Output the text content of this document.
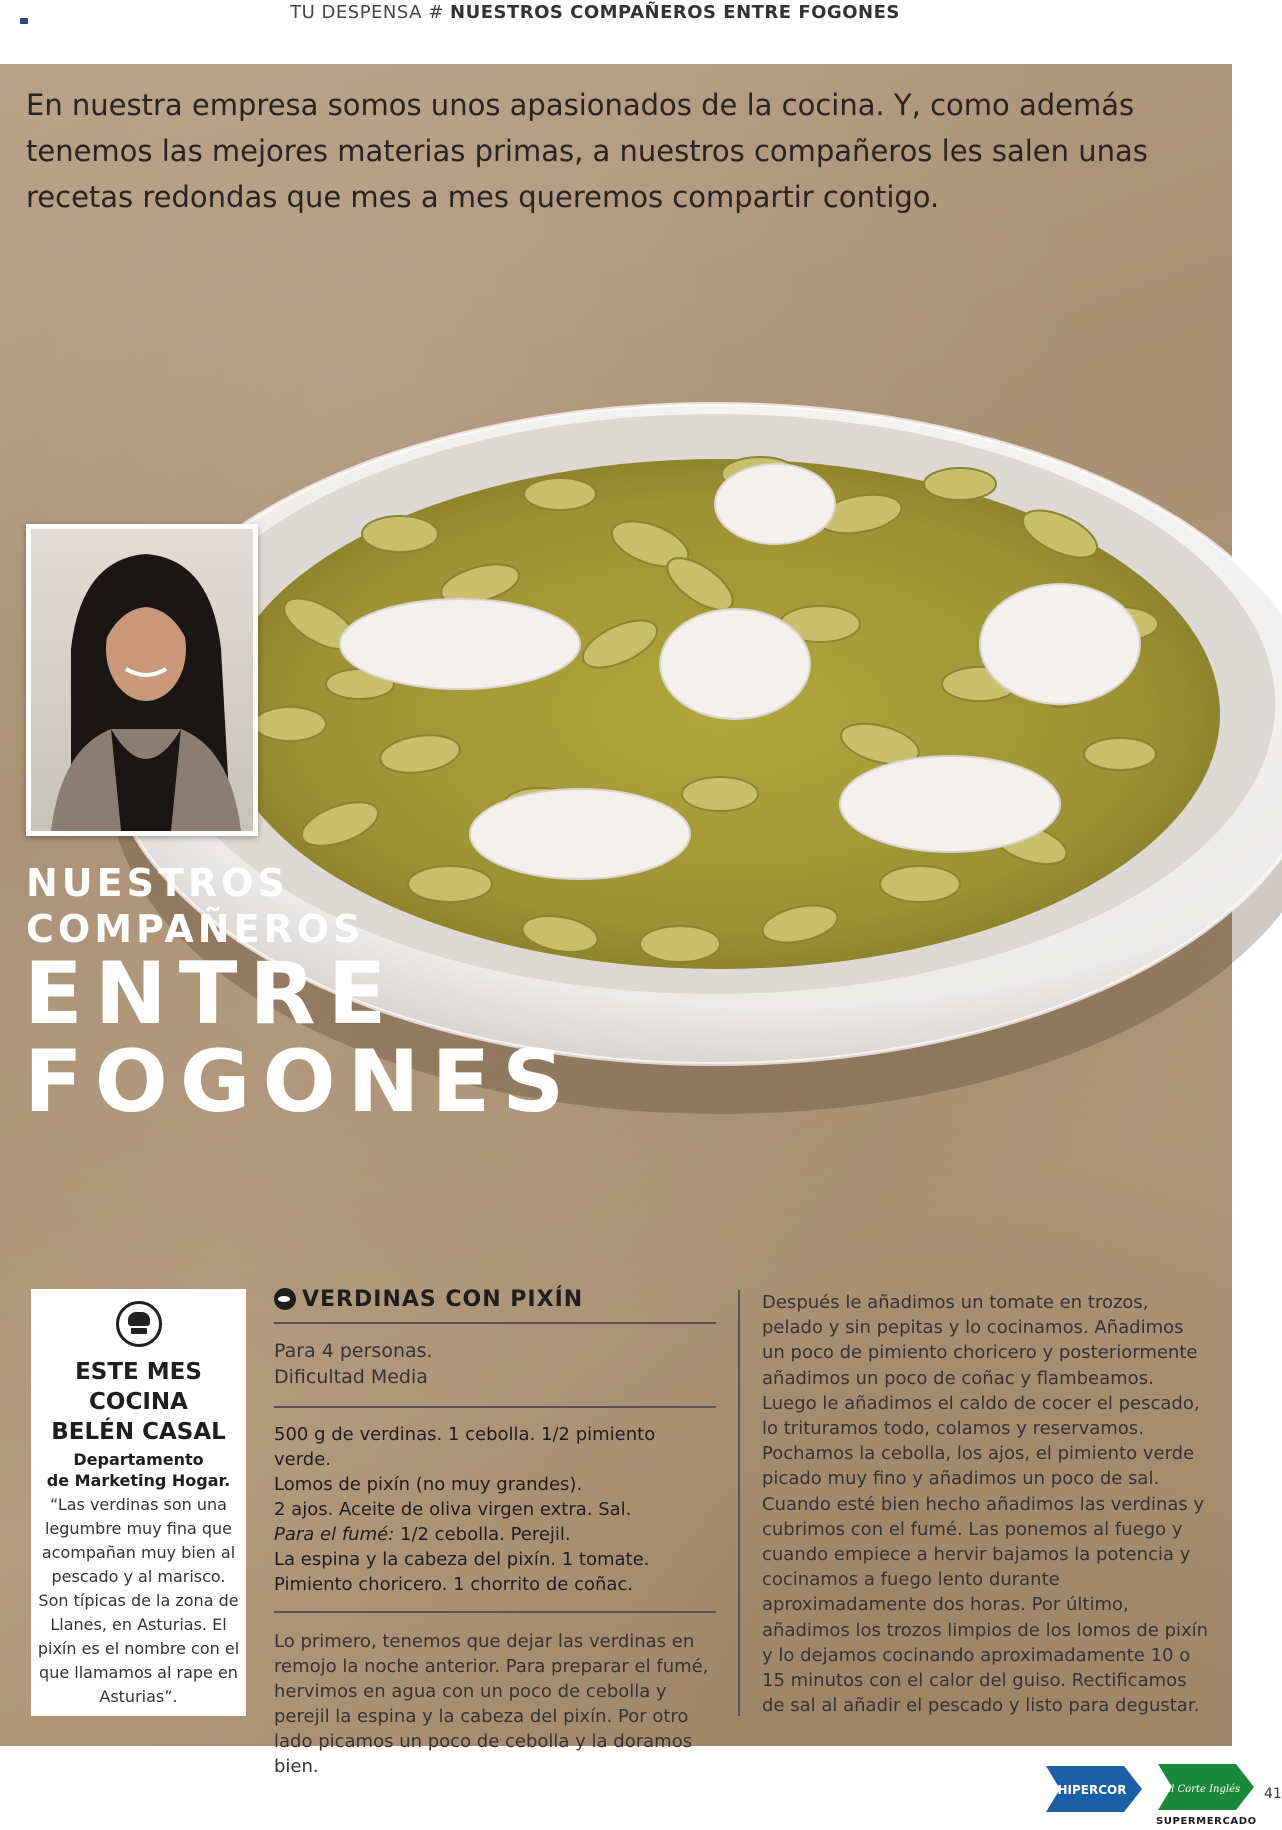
TU DESPENSA # NUESTROS COMPAÑEROS ENTRE FOGONES
En nuestra empresa somos unos apasionados de la cocina. Y, como además tenemos las mejores materias primas, a nuestros compañeros les salen unas recetas redondas que mes a mes queremos compartir contigo.
NUESTROS
COMPAÑEROS
ENTRE
FOGONES
ESTE MES
COCINA
BELÉN CASAL
Departamento
de Marketing Hogar.
“Las verdinas son una legumbre muy fina que acompañan muy bien al pescado y al marisco. Son típicas de la zona de Llanes, en Asturias. El pixín es el nombre con el que llamamos al rape en Asturias”.
VERDINAS CON PIXÍN
Para 4 personas.
Dificultad Media
500 g de verdinas. 1 cebolla. 1/2 pimiento verde.
Lomos de pixín (no muy grandes).
2 ajos. Aceite de oliva virgen extra. Sal.
Para el fumé: 1/2 cebolla. Perejil.
La espina y la cabeza del pixín. 1 tomate.
Pimiento choricero. 1 chorrito de coñac.
Lo primero, tenemos que dejar las verdinas en remojo la noche anterior. Para preparar el fumé, hervimos en agua con un poco de cebolla y perejil la espina y la cabeza del pixín. Por otro lado picamos un poco de cebolla y la doramos bien.
Después le añadimos un tomate en trozos, pelado y sin pepitas y lo cocinamos. Añadimos un poco de pimiento choricero y posteriormente añadimos un poco de coñac y flambeamos. Luego le añadimos el caldo de cocer el pescado, lo trituramos todo, colamos y reservamos. Pochamos la cebolla, los ajos, el pimiento verde picado muy fino y añadimos un poco de sal. Cuando esté bien hecho añadimos las verdinas y cubrimos con el fumé. Las ponemos al fuego y cuando empiece a hervir bajamos la potencia y cocinamos a fuego lento durante aproximadamente dos horas. Por último, añadimos los trozos limpios de los lomos de pixín y lo dejamos cocinando aproximadamente 10 o 15 minutos con el calor del guiso. Rectificamos de sal al añadir el pescado y listo para degustar.
HIPERCOR	El Corte Inglés
SUPERMERCADO
41
